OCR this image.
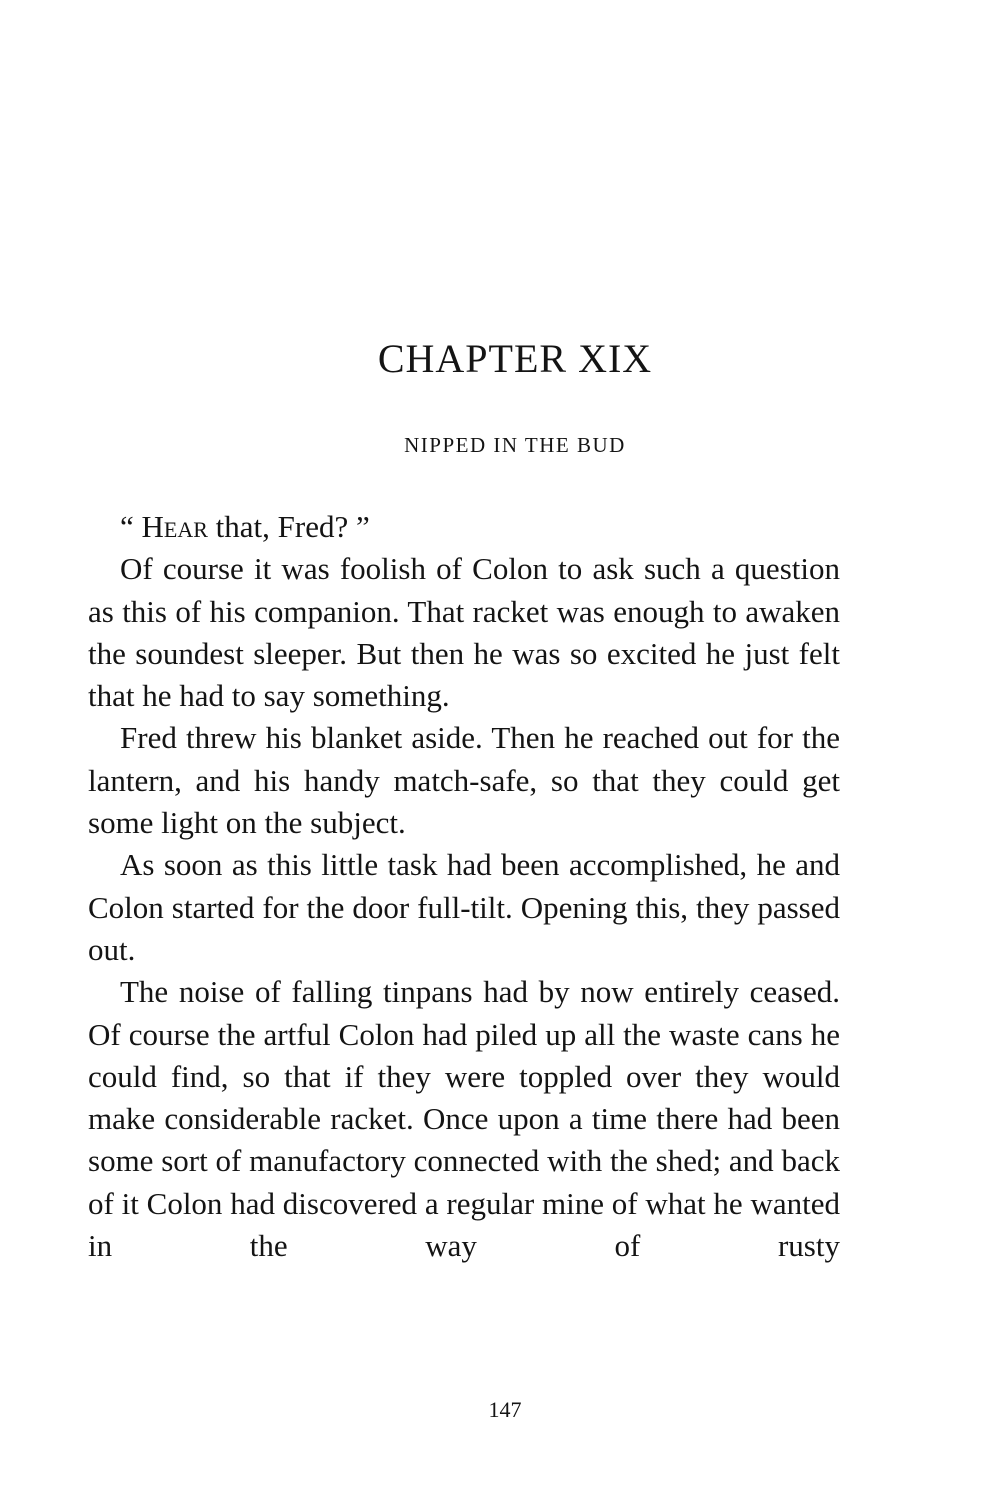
CHAPTER XIX
NIPPED IN THE BUD

“ Hear that, Fred? ”

Of course it was foolish of Colon to ask such a question as this of his companion. That racket was enough to awaken the soundest sleeper. But then he was so excited he just felt that he had to say something.

Fred threw his blanket aside. Then he reached out for the lantern, and his handy match-safe, so that they could get some light on the subject.

As soon as this little task had been accomplished, he and Colon started for the door full-tilt. Opening this, they passed out.

The noise of falling tinpans had by now entirely ceased. Of course the artful Colon had piled up all the waste cans he could find, so that if they were toppled over they would make considerable racket. Once upon a time there had been some sort of manufactory connected with the shed; and back of it Colon had discovered a regular mine of what he wanted in the way of rusty

147
